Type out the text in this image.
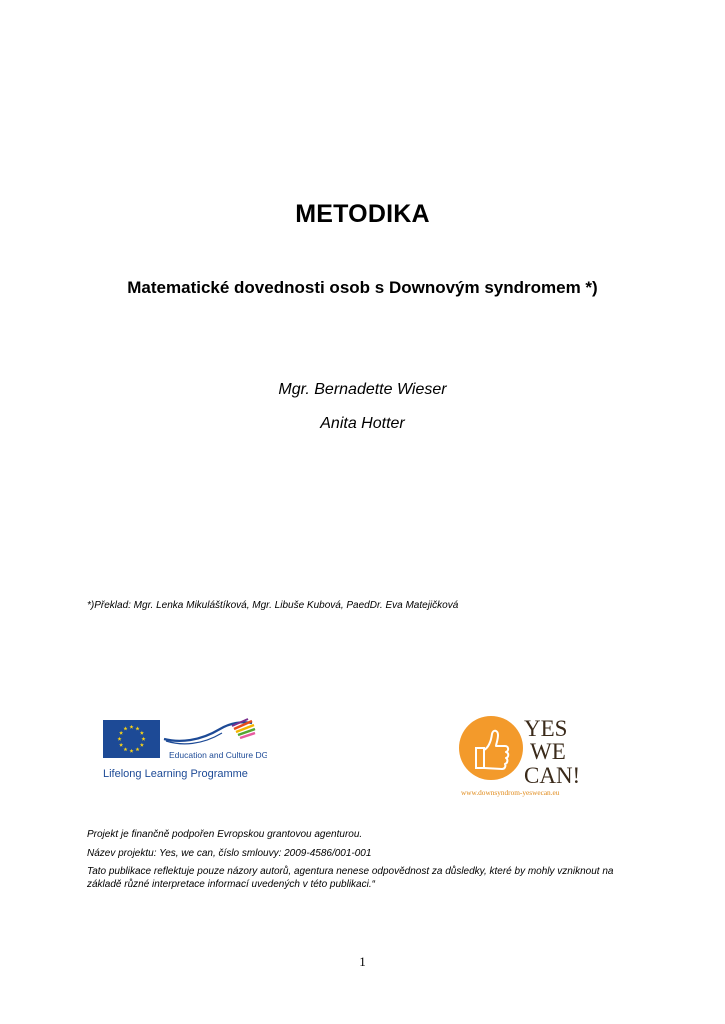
METODIKA
Matematické dovednosti osob s Downovým syndromem *)
Mgr. Bernadette Wieser
Anita Hotter
*)Překlad: Mgr. Lenka Mikuláštíková, Mgr. Libuše Kubová, PaedDr. Eva Matejičková
Education and Culture DG
Lifelong Learning Programme
YES
WE
CAN!
www.downsyndrom-yeswecan.eu
Projekt je finančně podpořen Evropskou grantovou agenturou.
Název projektu: Yes, we can, číslo smlouvy: 2009-4586/001-001
Tato publikace reflektuje pouze názory autorů, agentura nenese odpovědnost za důsledky, které by mohly vzniknout na základě různé interpretace informací uvedených v této publikaci.“
1
